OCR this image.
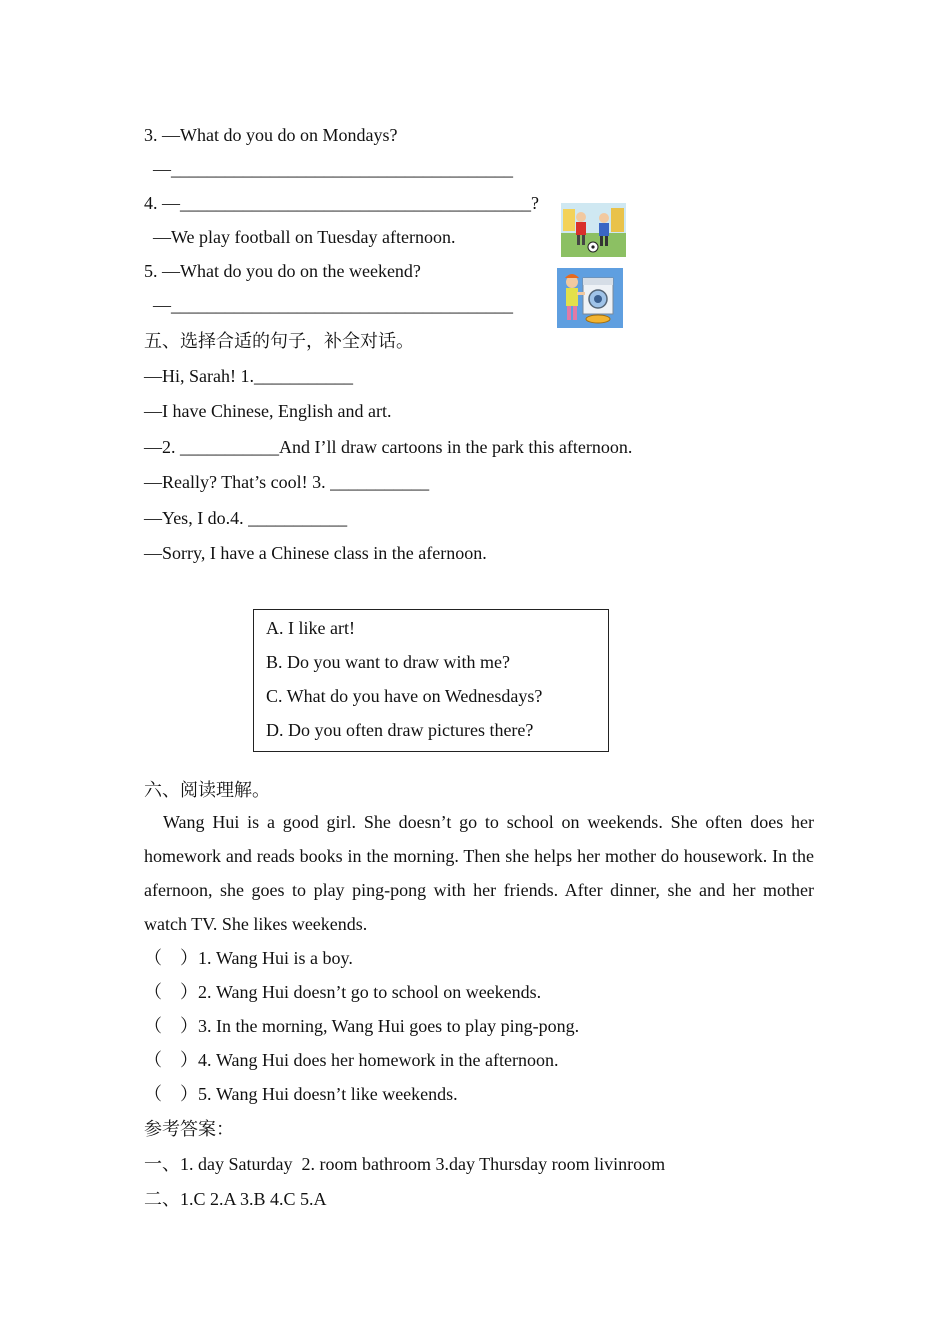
3. —What do you do on Mondays?
—______________________________________
4. —_______________________________________?
—We play football on Tuesday afternoon.
5. —What do you do on the weekend?
—______________________________________
五、选择合适的句子，补全对话。
—Hi, Sarah! 1.___________
—I have Chinese, English and art.
—2. ___________And I’ll draw cartoons in the park this afternoon.
—Really? That’s cool! 3. ___________
—Yes, I do.4. ___________
—Sorry, I have a Chinese class in the afernoon.
A. I like art!
B. Do you want to draw with me?
C. What do you have on Wednesdays?
D. Do you often draw pictures there?
六、阅读理解。
Wang Hui is a good girl. She doesn’t go to school on weekends. She often does her homework and reads books in the morning. Then she helps her mother do housework. In the afernoon, she goes to play ping-pong with her friends. After dinner, she and her mother watch TV. She likes weekends.
（    ）1. Wang Hui is a boy.
（    ）2. Wang Hui doesn’t go to school on weekends.
（    ）3. In the morning, Wang Hui goes to play ping-pong.
（    ）4. Wang Hui does her homework in the afternoon.
（    ）5. Wang Hui doesn’t like weekends.
参考答案：
一、1. day Saturday  2. room bathroom 3.day Thursday room livinroom
二、1.C 2.A 3.B 4.C 5.A
